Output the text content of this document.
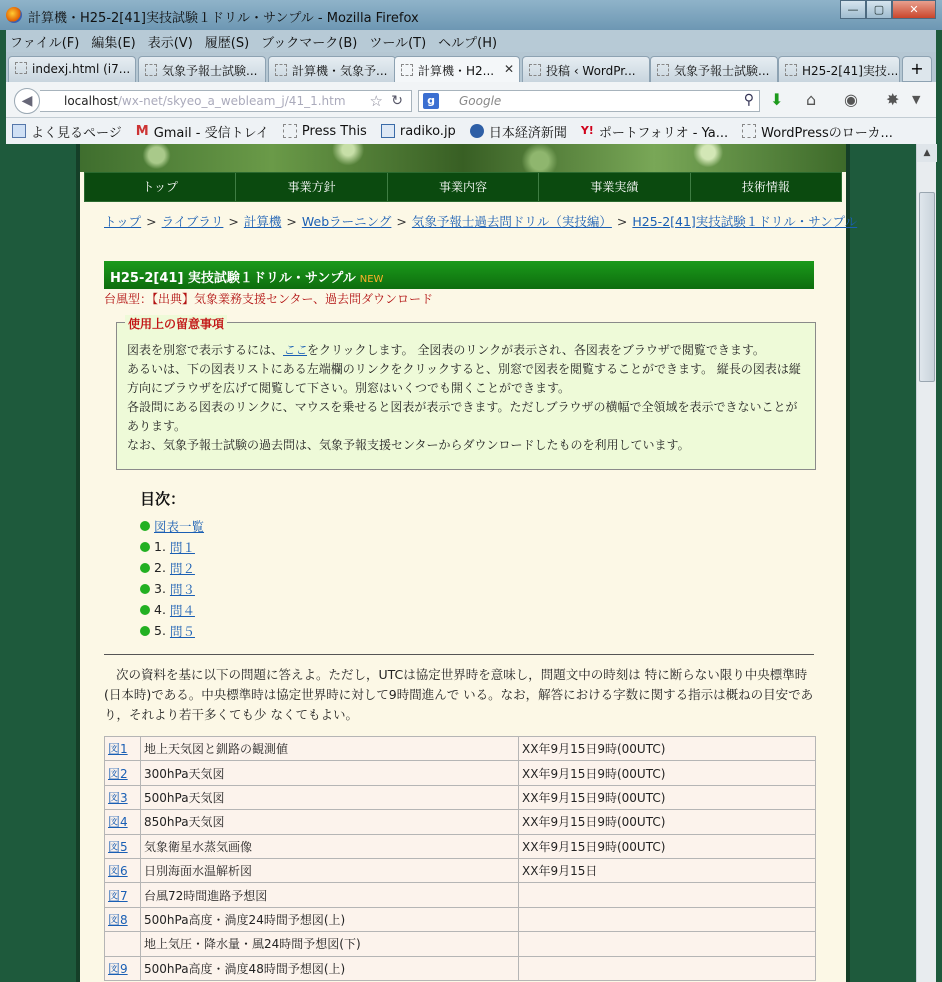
計算機・H25-2[41]実技試験１ドリル・サンプル - Mozilla Firefox
—	▢	✕
ファイル(F) 編集(E) 表示(V) 履歴(S) ブックマーク(B) ツール(T) ヘルプ(H)
indexj.html (i7...	気象予報士試験...	計算機・気象予...	計算機・H2... ✕	投稿 ‹ WordPr...	気象予報士試験...	H25-2[41]実技... +
◀	localhost/wx-net/skyeo_a_webleam_j/41_1.htm ☆ ↻	g	Google	⚲ ⬇ ⌂ ◉ ✸ ▼
よく見るページ M Gmail - 受信トレイ	Press This	radiko.jp	日本経済新聞 Y! ポートフォリオ - Ya...	WordPressのローカ...
トップ	事業方針	事業内容	事業実績	技術情報
トップ > ライブラリ > 計算機 > Webラーニング > 気象予報士過去問ドリル（実技編） > H25-2[41]実技試験１ドリル・サンプル
H25-2[41] 実技試験１ドリル・サンプル NEW
台風型：【出典】気象業務支援センター、過去問ダウンロード
使用上の留意事項
図表を別窓で表示するには、ここをクリックします。 全図表のリンクが表示され、各図表をブラウザで閲覧できます。
あるいは、下の図表リストにある左端欄のリンクをクリックすると、別窓で図表を閲覧することができます。 縦長の図表は縦方向にブラウザを広げて閲覧して下さい。別窓はいくつでも開くことができます。
各設問にある図表のリンクに、マウスを乗せると図表が表示できます。ただしブラウザの横幅で全領域を表示できないことがあります。
なお、気象予報士試験の過去問は、気象予報支援センターからダウンロードしたものを利用しています。
目次：
図表一覧
1. 問１
2. 問２
3. 問３
4. 問４
5. 問５
次の資料を基に以下の問題に答えよ。ただし，UTCは協定世界時を意味し，問題文中の時刻は 特に断らない限り中央標準時(日本時)である。中央標準時は協定世界時に対して9時間進んで いる。なお，解答における字数に関する指示は概ねの目安であり，それより若干多くても少 なくてもよい。
図1	地上天気図と釧路の観測値	XX年9月15日9時(00UTC)
図2	300hPa天気図	XX年9月15日9時(00UTC)
図3	500hPa天気図	XX年9月15日9時(00UTC)
図4	850hPa天気図	XX年9月15日9時(00UTC)
図5	気象衛星水蒸気画像	XX年9月15日9時(00UTC)
図6	日別海面水温解析図	XX年9月15日
図7	台風72時間進路予想図	
図8	500hPa高度・渦度24時間予想図(上)	
	地上気圧・降水量・風24時間予想図(下)	
図9	500hPa高度・渦度48時間予想図(上)	
▲
